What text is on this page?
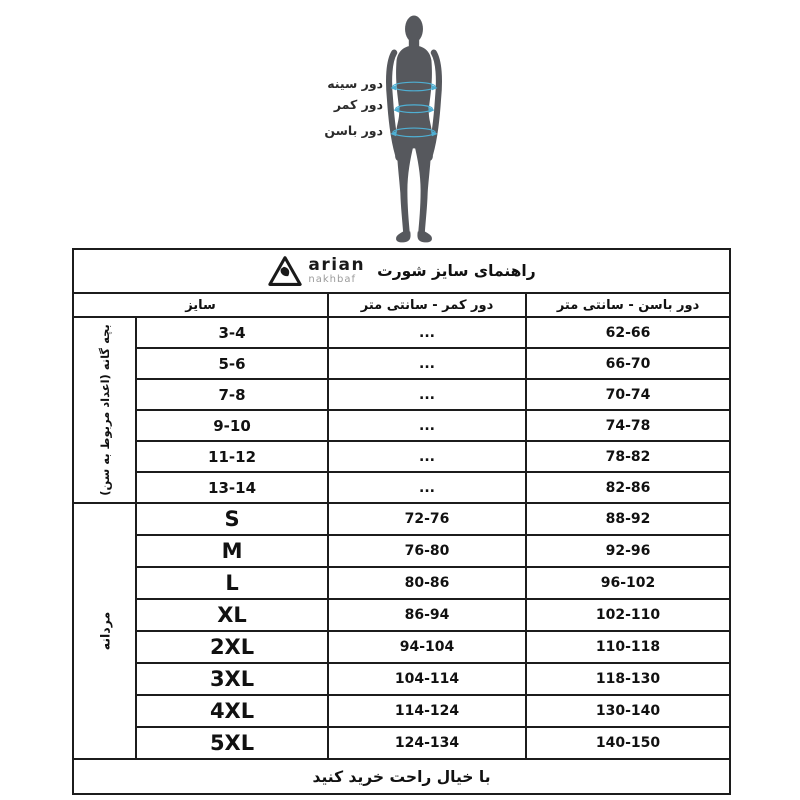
دور سینه
دور کمر
دور باسن
راهنمای سایز شورت
arian
nakhbaf			

دور باسن - سانتی متر	دور کمر - سانتی متر	سایز	
62-66	...	3-4	بچه گانه (اعداد مربوط به سن)

66-70	...	5-6	
70-74	...	7-8	
74-78	...	9-10	
78-82	...	11-12	
82-86	...	13-14	
88-92	72-76	S	مردانه

92-96	76-80	M	
96-102	80-86	L	
102-110	86-94	XL	
110-118	94-104	2XL	
118-130	104-114	3XL	
130-140	114-124	4XL	
140-150	124-134	5XL	
با خیال راحت خرید کنید			
